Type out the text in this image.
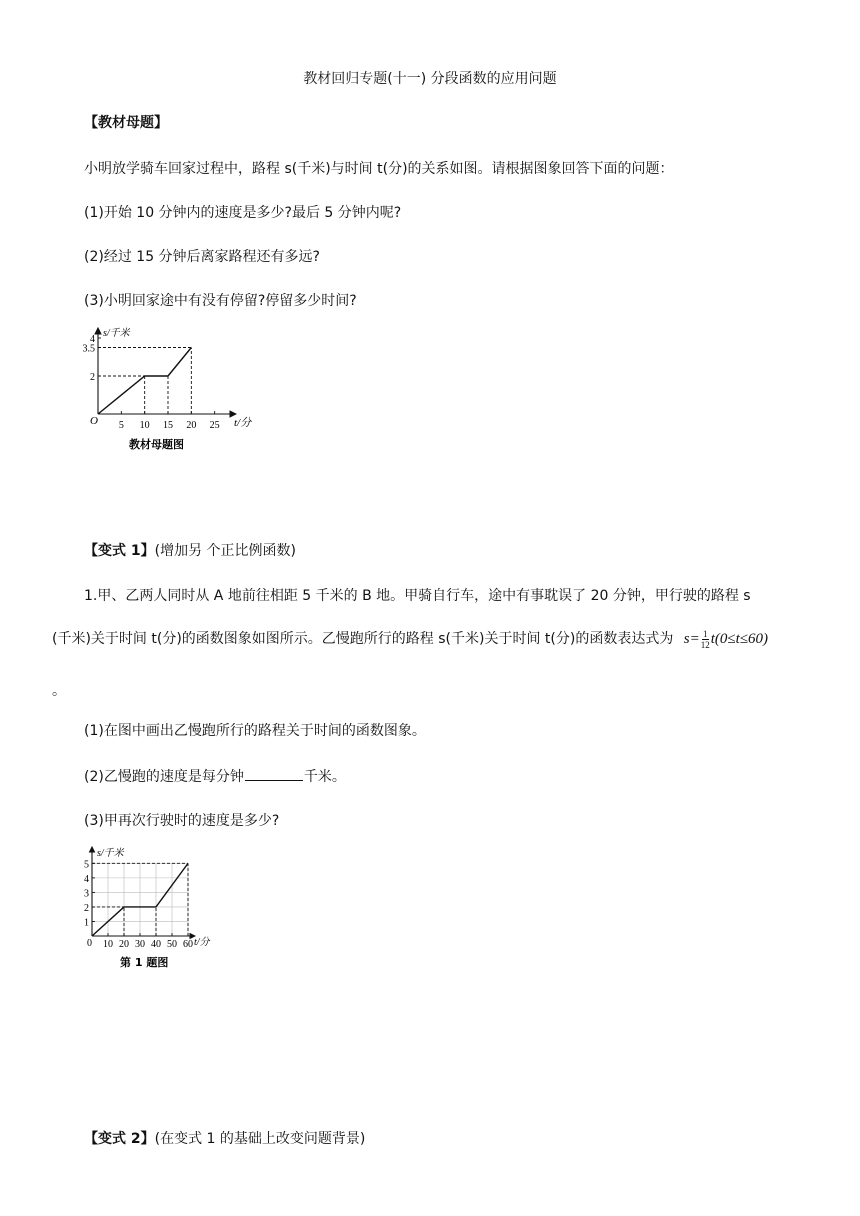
教材回归专题(十一) 分段函数的应用问题
【教材母题】
小明放学骑车回家过程中，路程 s(千米)与时间 t(分)的关系如图。请根据图象回答下面的问题：
(1)开始 10 分钟内的速度是多少?最后 5 分钟内呢?
(2)经过 15 分钟后离家路程还有多远?
(3)小明回家途中有没有停留?停留多少时间?
5 10 15 20 25
2
3.5
4
O	t/分
s/千米
教材母题图
【变式 1】(增加另 个正比例函数)
1.甲、乙两人同时从 A 地前往相距 5 千米的 B 地。甲骑自行车，途中有事耽误了 20 分钟，甲行驶的路程 s
(千米)关于时间 t(分)的函数图象如图所示。乙慢跑所行的路程 s(千米)关于时间 t(分)的函数表达式为 $s= \frac{1}{12} t(0\le t\le 60)$
。
(1)在图中画出乙慢跑所行的路程关于时间的函数图象。
(2)乙慢跑的速度是每分钟	千米。
(3)甲再次行驶时的速度是多少?
10 20 30 40 50 60
1
2
3
4
5
0	t/分
s/千米
第 1 题图
【变式 2】(在变式 1 的基础上改变问题背景)
